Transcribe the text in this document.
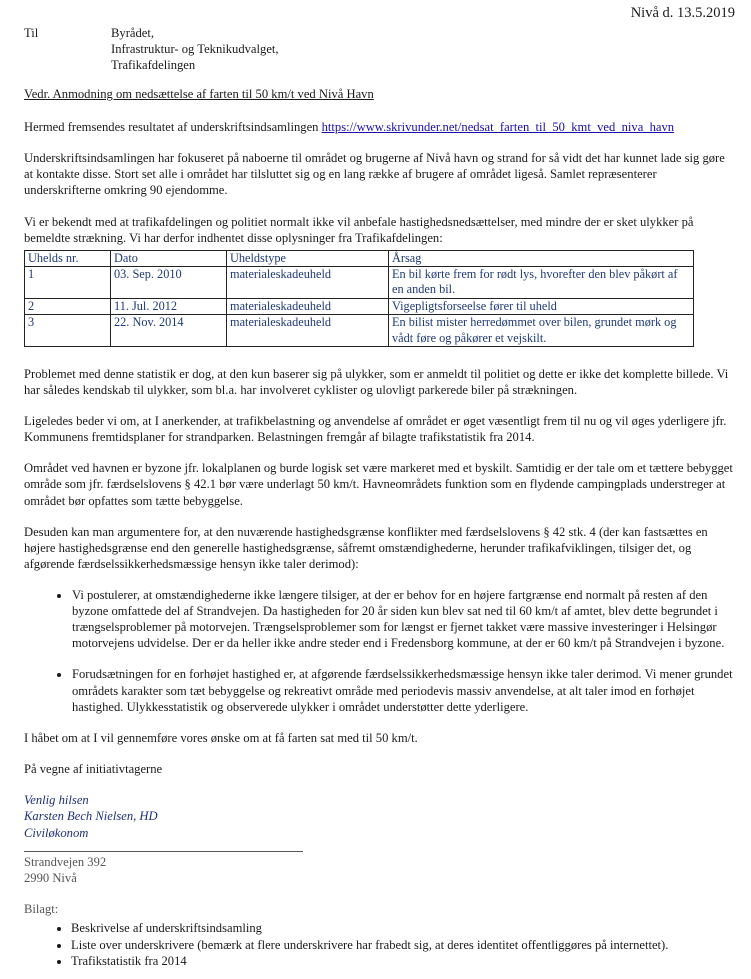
Nivå d. 13.5.2019
Til	Byrådet,
Infrastruktur- og Teknikudvalget,
Trafikafdelingen
Vedr. Anmodning om nedsættelse af farten til 50 km/t ved Nivå Havn

Hermed fremsendes resultatet af underskriftsindsamlingen https://www.skrivunder.net/nedsat_farten_til_50_kmt_ved_niva_havn

Underskriftsindsamlingen har fokuseret på naboerne til området og brugerne af Nivå havn og strand for så vidt det har kunnet lade sig gøre at kontakte disse. Stort set alle i området har tilsluttet sig og en lang række af brugere af området ligeså. Samlet repræsenterer underskrifterne omkring 90 ejendomme.

Vi er bekendt med at trafikafdelingen og politiet normalt ikke vil anbefale hastighedsnedsættelser, med mindre der er sket ulykker på bemeldte strækning. Vi har derfor indhentet disse oplysninger fra Trafikafdelingen:

Uhelds nr.	Dato	Uheldstype	Årsag
1	03. Sep. 2010	materialeskadeuheld	En bil kørte frem for rødt lys, hvorefter den blev påkørt af en anden bil.
2	11. Jul. 2012	materialeskadeuheld	Vigepligtsforseelse fører til uheld
3	22. Nov. 2014	materialeskadeuheld	En bilist mister herredømmet over bilen, grundet mørk og vådt føre og påkører et vejskilt.

Problemet med denne statistik er dog, at den kun baserer sig på ulykker, som er anmeldt til politiet og dette er ikke det komplette billede. Vi har således kendskab til ulykker, som bl.a. har involveret cyklister og ulovligt parkerede biler på strækningen.

Ligeledes beder vi om, at I anerkender, at trafikbelastning og anvendelse af området er øget væsentligt frem til nu og vil øges yderligere jfr. Kommunens fremtidsplaner for strandparken. Belastningen fremgår af bilagte trafikstatistik fra 2014.

Området ved havnen er byzone jfr. lokalplanen og burde logisk set være markeret med et byskilt. Samtidig er der tale om et tættere bebygget område som jfr. færdselslovens § 42.1 bør være underlagt 50 km/t. Havneområdets funktion som en flydende campingplads understreger at området bør opfattes som tætte bebyggelse.

Desuden kan man argumentere for, at den nuværende hastighedsgrænse konflikter med færdselslovens § 42 stk. 4 (der kan fastsættes en højere hastighedsgrænse end den generelle hastighedsgrænse, såfremt omstændighederne, herunder trafikafviklingen, tilsiger det, og afgørende færdselssikkerhedsmæssige hensyn ikke taler derimod):

• Vi postulerer, at omstændighederne ikke længere tilsiger, at der er behov for en højere fartgrænse end normalt på resten af den byzone omfattede del af Strandvejen. Da hastigheden for 20 år siden kun blev sat ned til 60 km/t af amtet, blev dette begrundet i trængselsproblemer på motorvejen. Trængselsproblemer som for længst er fjernet takket være massive investeringer i Helsingør motorvejens udvidelse. Der er da heller ikke andre steder end i Fredensborg kommune, at der er 60 km/t på Strandvejen i byzone.
• Forudsætningen for en forhøjet hastighed er, at afgørende færdselssikkerhedsmæssige hensyn ikke taler derimod. Vi mener grundet områdets karakter som tæt bebyggelse og rekreativt område med periodevis massiv anvendelse, at alt taler imod en forhøjet hastighed. Ulykkesstatistik og observerede ulykker i området understøtter dette yderligere.

I håbet om at I vil gennemføre vores ønske om at få farten sat med til 50 km/t.

På vegne af initiativtagerne

Venlig hilsen
Karsten Bech Nielsen, HD
Civiløkonom
Strandvejen 392
2990 Nivå
Bilagt:
• Beskrivelse af underskriftsindsamling
• Liste over underskrivere (bemærk at flere underskrivere har frabedt sig, at deres identitet offentliggøres på internettet).
• Trafikstatistik fra 2014
